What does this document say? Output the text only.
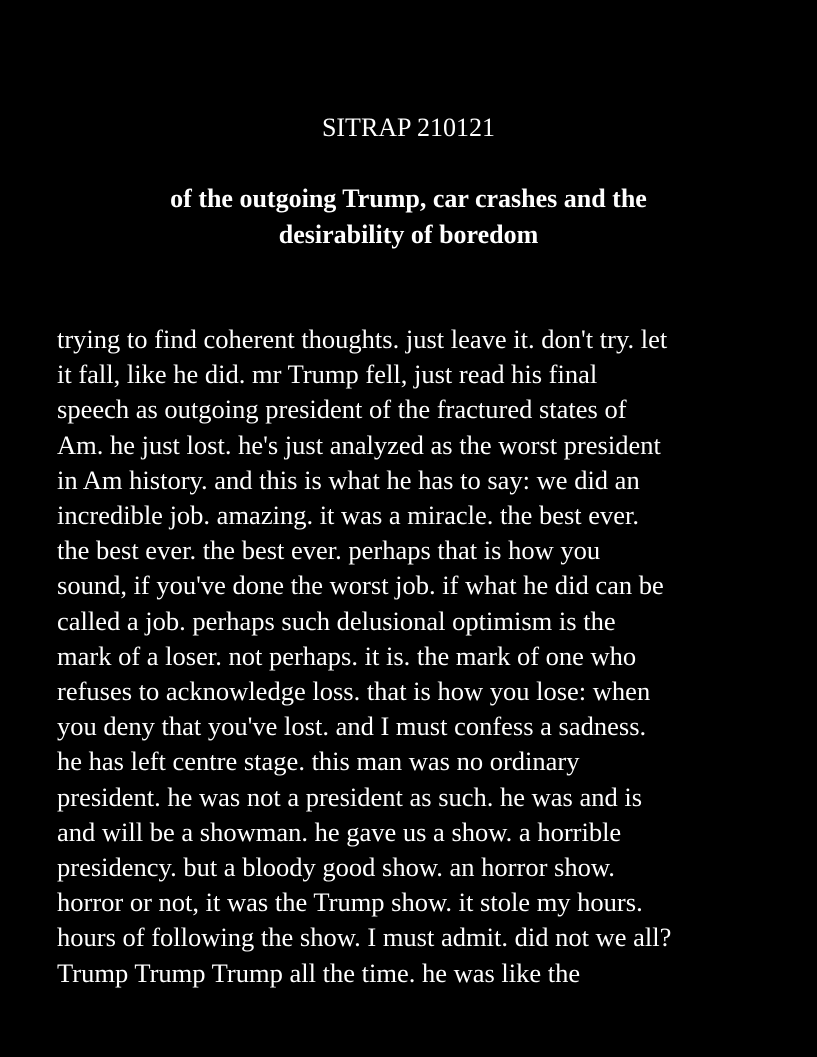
SITRAP 210121
of the outgoing Trump, car crashes and the
desirability of boredom
trying to find coherent thoughts. just leave it. don't try. let
it fall, like he did. mr Trump fell, just read his final
speech as outgoing president of the fractured states of
Am. he just lost. he's just analyzed as the worst president
in Am history. and this is what he has to say: we did an
incredible job. amazing. it was a miracle. the best ever.
the best ever. the best ever. perhaps that is how you
sound, if you've done the worst job. if what he did can be
called a job. perhaps such delusional optimism is the
mark of a loser. not perhaps. it is. the mark of one who
refuses to acknowledge loss. that is how you lose: when
you deny that you've lost. and I must confess a sadness.
he has left centre stage. this man was no ordinary
president. he was not a president as such. he was and is
and will be a showman. he gave us a show. a horrible
presidency. but a bloody good show. an horror show.
horror or not, it was the Trump show. it stole my hours.
hours of following the show. I must admit. did not we all?
Trump Trump Trump all the time. he was like the
